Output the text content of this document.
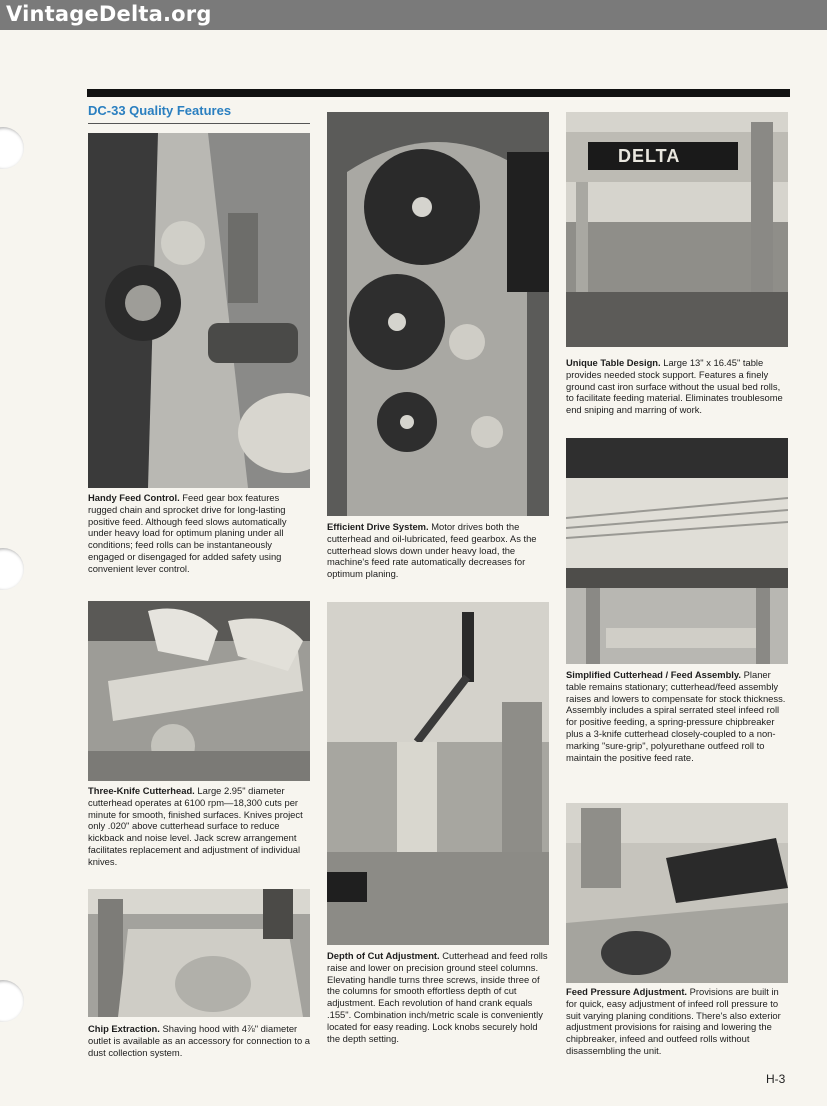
VintageDelta.org
DC-33 Quality Features
Handy Feed Control. Feed gear box features rugged chain and sprocket drive for long-lasting positive feed. Although feed slows automatically under heavy load for optimum planing under all conditions; feed rolls can be instantaneously engaged or disengaged for added safety using convenient lever control.
Efficient Drive System. Motor drives both the cutterhead and oil-lubricated, feed gearbox. As the cutterhead slows down under heavy load, the machine's feed rate automatically decreases for optimum planing.
DELTA
Unique Table Design. Large 13" x 16.45" table provides needed stock support. Features a finely ground cast iron surface without the usual bed rolls, to facilitate feeding material. Eliminates troublesome end sniping and marring of work.
Simplified Cutterhead / Feed Assembly. Planer table remains stationary; cutterhead/feed assembly raises and lowers to compensate for stock thickness. Assembly includes a spiral serrated steel infeed roll for positive feeding, a spring-pressure chipbreaker plus a 3-knife cutterhead closely-coupled to a non-marking "sure-grip", polyurethane outfeed roll to maintain the positive feed rate.
Three-Knife Cutterhead. Large 2.95" diameter cutterhead operates at 6100 rpm—18,300 cuts per minute for smooth, finished surfaces. Knives project only .020" above cutterhead surface to reduce kickback and noise level. Jack screw arrangement facilitates replacement and adjustment of individual knives.
Depth of Cut Adjustment. Cutterhead and feed rolls raise and lower on precision ground steel columns. Elevating handle turns three screws, inside three of the columns for smooth effortless depth of cut adjustment. Each revolution of hand crank equals .155". Combination inch/metric scale is conveniently located for easy reading. Lock knobs securely hold the depth setting.
Chip Extraction. Shaving hood with 4⅞" diameter outlet is available as an accessory for connection to a dust collection system.
Feed Pressure Adjustment. Provisions are built in for quick, easy adjustment of infeed roll pressure to suit varying planing conditions. There's also exterior adjustment provisions for raising and lowering the chipbreaker, infeed and outfeed rolls without disassembling the unit.
H-3
